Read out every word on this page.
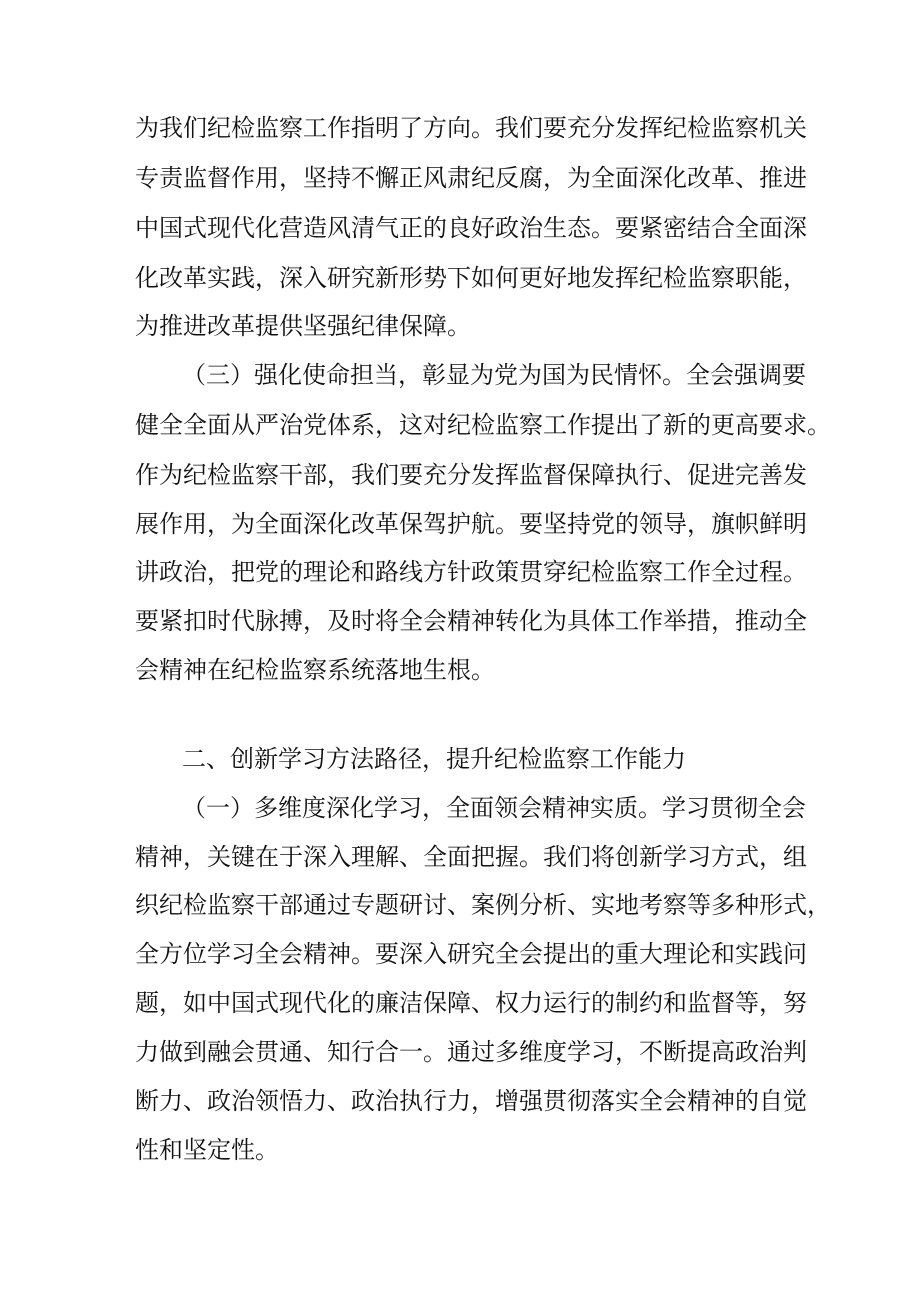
为我们纪检监察工作指明了方向。我们要充分发挥纪检监察机关
专责监督作用，坚持不懈正风肃纪反腐，为全面深化改革、推进
中国式现代化营造风清气正的良好政治生态。要紧密结合全面深
化改革实践，深入研究新形势下如何更好地发挥纪检监察职能，
为推进改革提供坚强纪律保障。
（三）强化使命担当，彰显为党为国为民情怀。全会强调要
健全全面从严治党体系，这对纪检监察工作提出了新的更高要求。
作为纪检监察干部，我们要充分发挥监督保障执行、促进完善发
展作用，为全面深化改革保驾护航。要坚持党的领导，旗帜鲜明
讲政治，把党的理论和路线方针政策贯穿纪检监察工作全过程。
要紧扣时代脉搏，及时将全会精神转化为具体工作举措，推动全
会精神在纪检监察系统落地生根。
二、创新学习方法路径，提升纪检监察工作能力
（一）多维度深化学习，全面领会精神实质。学习贯彻全会
精神，关键在于深入理解、全面把握。我们将创新学习方式，组
织纪检监察干部通过专题研讨、案例分析、实地考察等多种形式，
全方位学习全会精神。要深入研究全会提出的重大理论和实践问
题，如中国式现代化的廉洁保障、权力运行的制约和监督等，努
力做到融会贯通、知行合一。通过多维度学习，不断提高政治判
断力、政治领悟力、政治执行力，增强贯彻落实全会精神的自觉
性和坚定性。
